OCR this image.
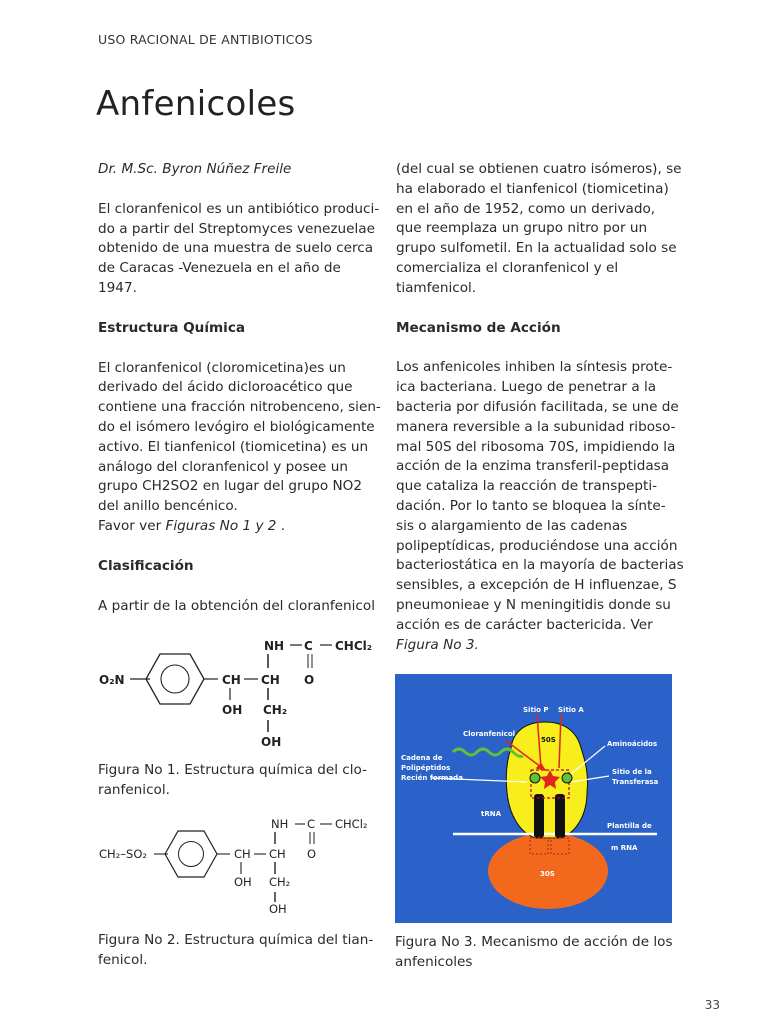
USO RACIONAL DE ANTIBIOTICOS
Anfenicoles

Dr. M.Sc. Byron Núñez Freile

El cloranfenicol es un antibiótico produci-
do a partir del Streptomyces venezuelae
obtenido de una muestra de suelo cerca
de Caracas -Venezuela en el año de
1947.

Estructura Química

El cloranfenicol (cloromicetina)es un
derivado del ácido dicloroacético que
contiene una fracción nitrobenceno, sien-
do el isómero levógiro el biológicamente
activo. El tianfenicol (tiomicetina) es un
análogo del cloranfenicol y posee un
grupo CH2SO2 en lugar del grupo NO2
del anillo bencénico.
Favor ver Figuras No 1 y 2 .

Clasificación

A partir de la obtención del cloranfenicol

NH C CHCl₂
O₂N	CH CH O
OH CH₂
OH

Figura No 1. Estructura química del clo-
ranfenicol.

NH C CHCl₂
CH₂–SO₂	CH CH O
OH CH₂
OH

Figura No 2. Estructura química del tian-
fenicol.

(del cual se obtienen cuatro isómeros), se
ha elaborado el tianfenicol (tiomicetina)
en el año de 1952, como un derivado,
que reemplaza un grupo nitro por un
grupo sulfometil. En la actualidad solo se
comercializa el cloranfenicol y el
tiamfenicol.

Mecanismo de Acción

Los anfenicoles inhiben la síntesis prote-
ica bacteriana. Luego de penetrar a la
bacteria por difusión facilitada, se une de
manera reversible a la subunidad riboso-
mal 50S del ribosoma 70S, impidiendo la
acción de la enzima transferil-peptidasa
que cataliza la reacción de transpepti-
dación. Por lo tanto se bloquea la sínte-
sis o alargamiento de las cadenas
polipeptídicas, produciéndose una acción
bacteriostática en la mayoría de bacterias
sensibles, a excepción de H influenzae, S
pneumonieae y N meningitidis donde su
acción es de carácter bactericida. Ver
Figura No 3.

Sitio P Sitio A
50S
Cloranfenicol
Aminoácidos
Cadena de
Polipéptidos
Recién formada
Sitio de la
Transferasa
tRNA
Plantilla de
m RNA
30S

Figura No 3. Mecanismo de acción de los
anfenicoles

33
